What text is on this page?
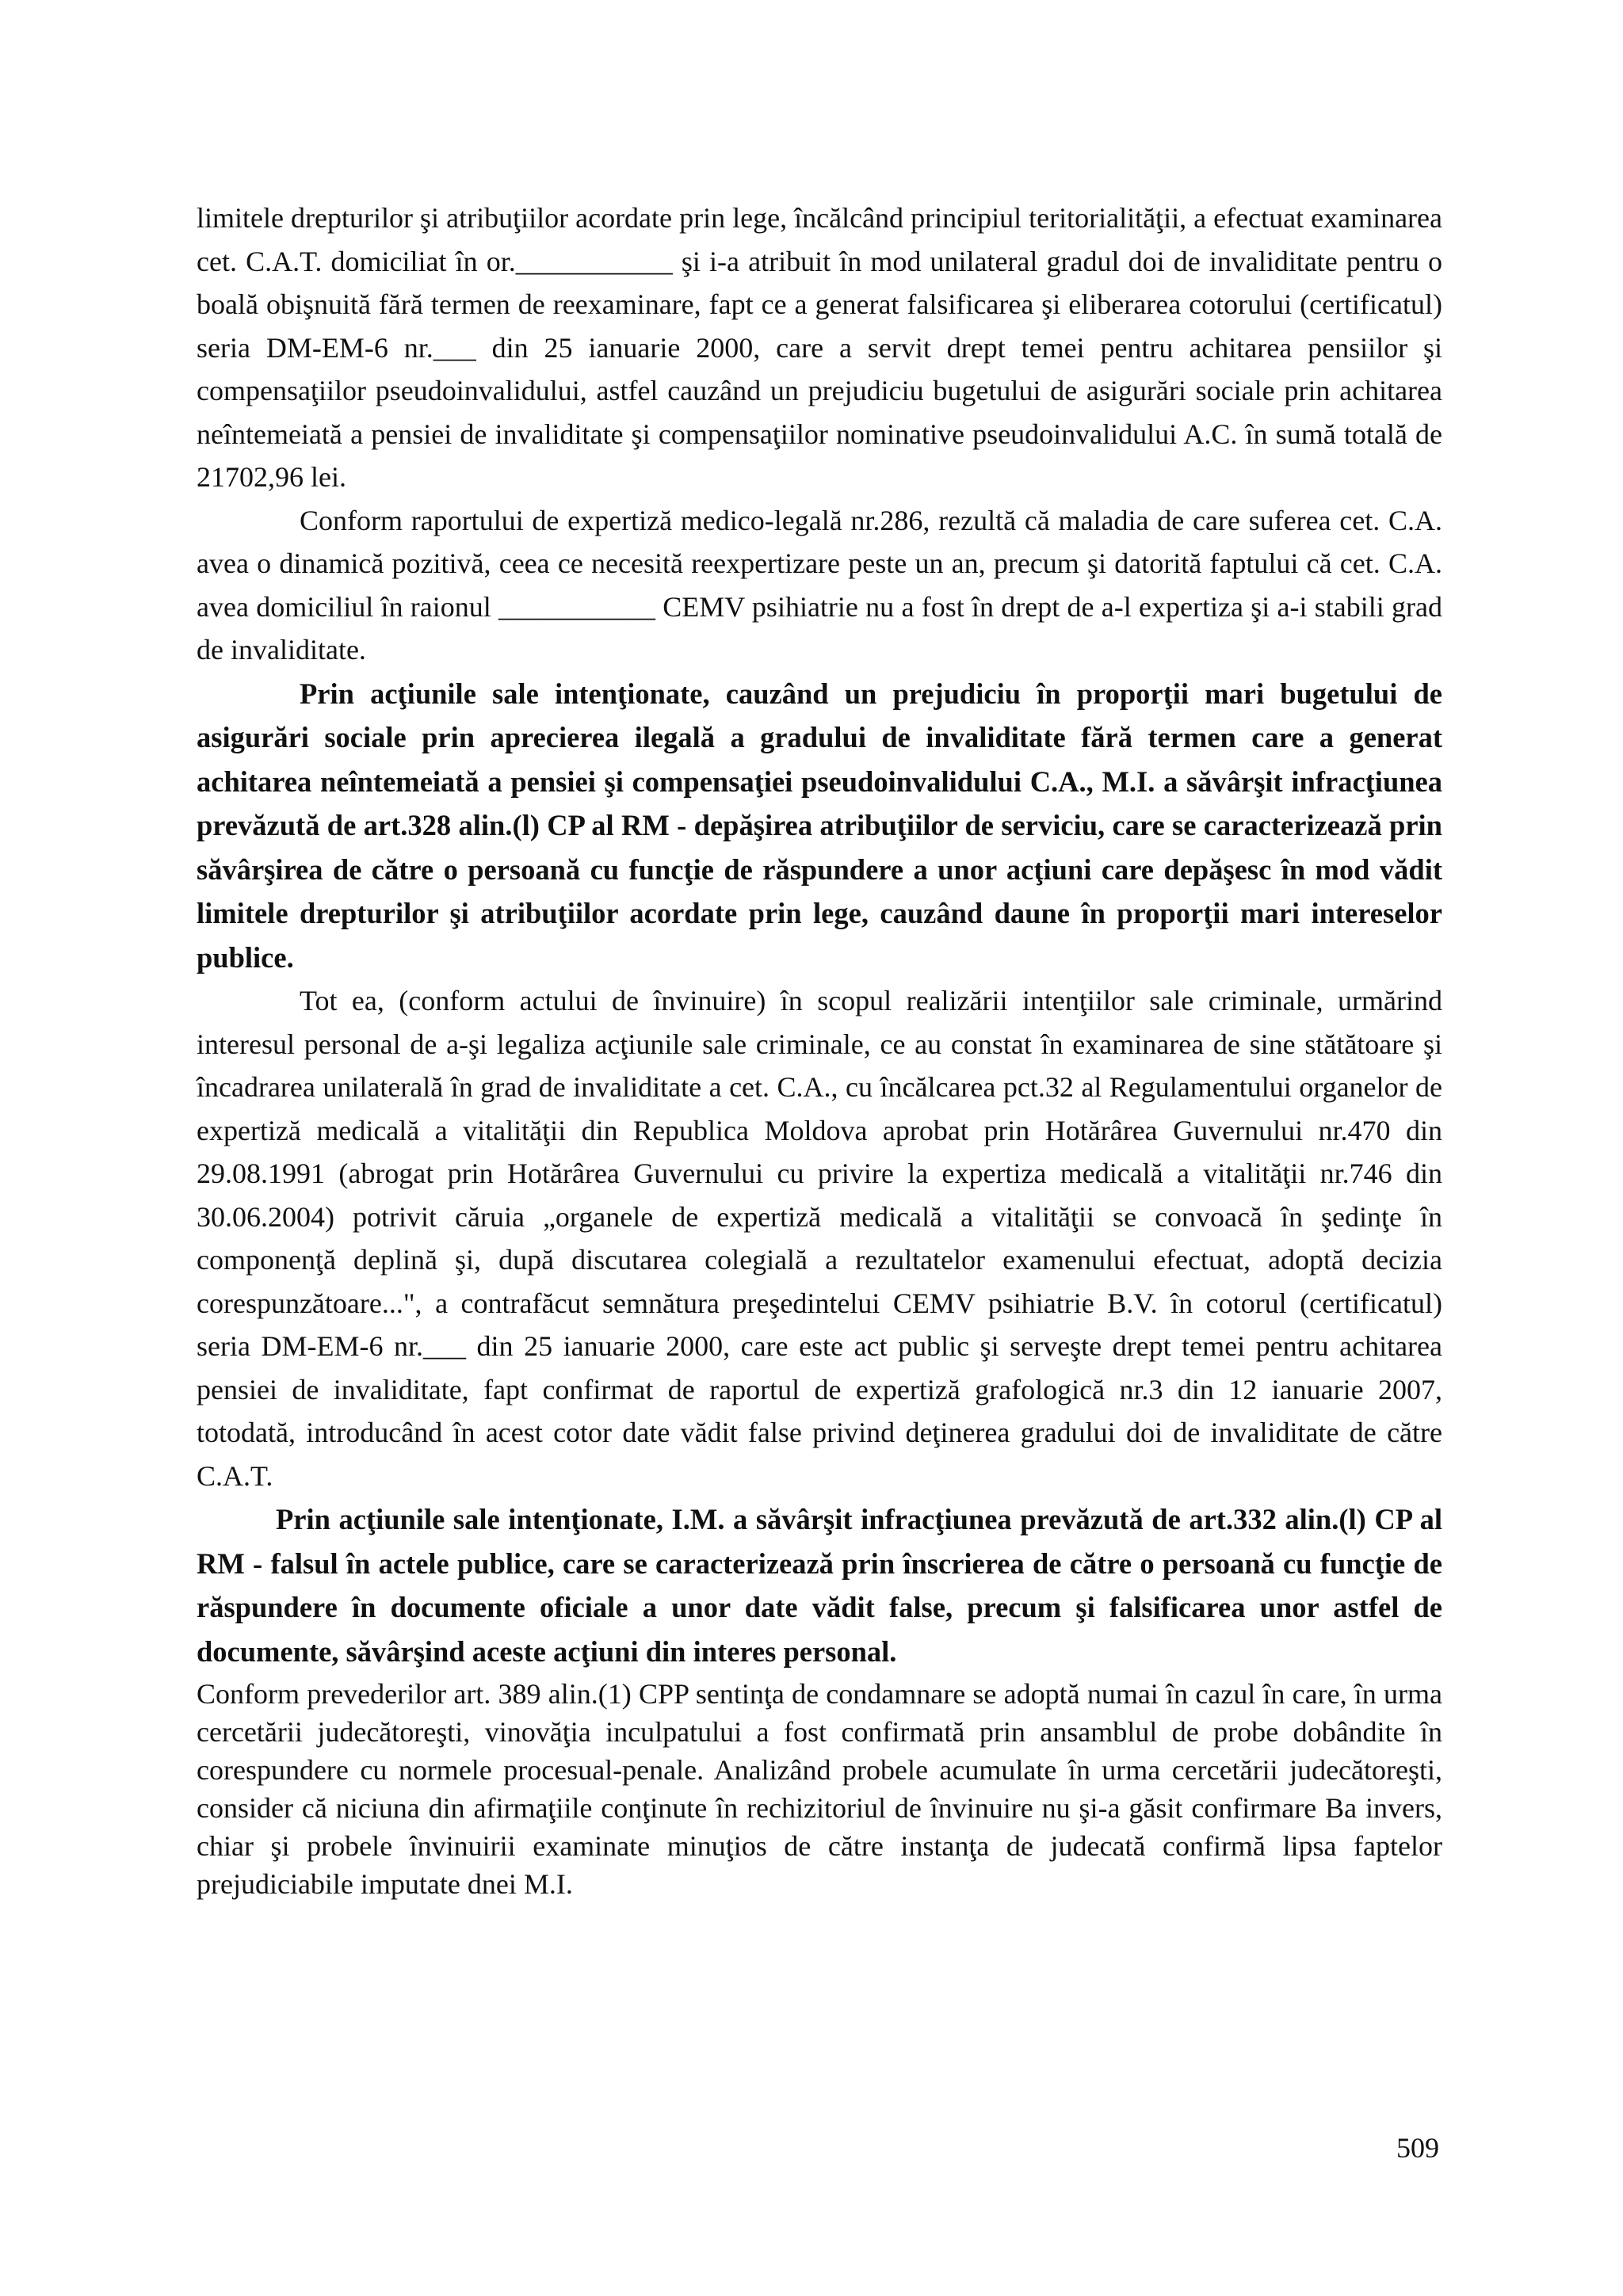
limitele drepturilor şi atribuţiilor acordate prin lege, încălcând principiul teritorialităţii, a efectuat examinarea cet. C.A.T. domiciliat în or.___________ şi i-a atribuit în mod unilateral gradul doi de invaliditate pentru o boală obişnuită fără termen de reexaminare, fapt ce a generat falsificarea şi eliberarea cotorului (certificatul) seria DM-EM-6 nr.___ din 25 ianuarie 2000, care a servit drept temei pentru achitarea pensiilor şi compensaţiilor pseudoinvalidului, astfel cauzând un prejudiciu bugetului de asigurări sociale prin achitarea neîntemeiată a pensiei de invaliditate şi compensaţiilor nominative pseudoinvalidului A.C. în sumă totală de 21702,96 lei.

Conform raportului de expertiză medico-legală nr.286, rezultă că maladia de care suferea cet. C.A. avea o dinamică pozitivă, ceea ce necesită reexpertizare peste un an, precum şi datorită faptului că cet. C.A. avea domiciliul în raionul ___________ CEMV psihiatrie nu a fost în drept de a-l expertiza şi a-i stabili grad de invaliditate.

Prin acţiunile sale intenţionate, cauzând un prejudiciu în proporţii mari bugetului de asigurări sociale prin aprecierea ilegală a gradului de invaliditate fără termen care a generat achitarea neîntemeiată a pensiei şi compensaţiei pseudoinvalidului C.A., M.I. a săvârşit infracţiunea prevăzută de art.328 alin.(l) CP al RM - depăşirea atribuţiilor de serviciu, care se caracterizează prin săvârşirea de către o persoană cu funcţie de răspundere a unor acţiuni care depăşesc în mod vădit limitele drepturilor şi atribuţiilor acordate prin lege, cauzând daune în proporţii mari intereselor publice.

Tot ea, (conform actului de învinuire) în scopul realizării intenţiilor sale criminale, urmărind interesul personal de a-şi legaliza acţiunile sale criminale, ce au constat în examinarea de sine stătătoare şi încadrarea unilaterală în grad de invaliditate a cet. C.A., cu încălcarea pct.32 al Regulamentului organelor de expertiză medicală a vitalităţii din Republica Moldova aprobat prin Hotărârea Guvernului nr.470 din 29.08.1991 (abrogat prin Hotărârea Guvernului cu privire la expertiza medicală a vitalităţii nr.746 din 30.06.2004) potrivit căruia „organele de expertiză medicală a vitalităţii se convoacă în şedinţe în componenţă deplină şi, după discutarea colegială a rezultatelor examenului efectuat, adoptă decizia corespunzătoare...", a contrafăcut semnătura preşedintelui CEMV psihiatrie B.V. în cotorul (certificatul) seria DM-EM-6 nr.___ din 25 ianuarie 2000, care este act public şi serveşte drept temei pentru achitarea pensiei de invaliditate, fapt confirmat de raportul de expertiză grafologică nr.3 din 12 ianuarie 2007, totodată, introducând în acest cotor date vădit false privind deţinerea gradului doi de invaliditate de către C.A.T.

Prin acţiunile sale intenţionate, I.M. a săvârşit infracţiunea prevăzută de art.332 alin.(l) CP al RM - falsul în actele publice, care se caracterizează prin înscrierea de către o persoană cu funcţie de răspundere în documente oficiale a unor date vădit false, precum şi falsificarea unor astfel de documente, săvârşind aceste acţiuni din interes personal.

Conform prevederilor art. 389 alin.(1) CPP sentinţa de condamnare se adoptă numai în cazul în care, în urma cercetării judecătoreşti, vinovăţia inculpatului a fost confirmată prin ansamblul de probe dobândite în corespundere cu normele procesual-penale. Analizând probele acumulate în urma cercetării judecătoreşti, consider că niciuna din afirmaţiile conţinute în rechizitoriul de învinuire nu şi-a găsit confirmare Ba invers, chiar şi probele învinuirii examinate minuţios de către instanţa de judecată confirmă lipsa faptelor prejudiciabile imputate dnei M.I.

509
